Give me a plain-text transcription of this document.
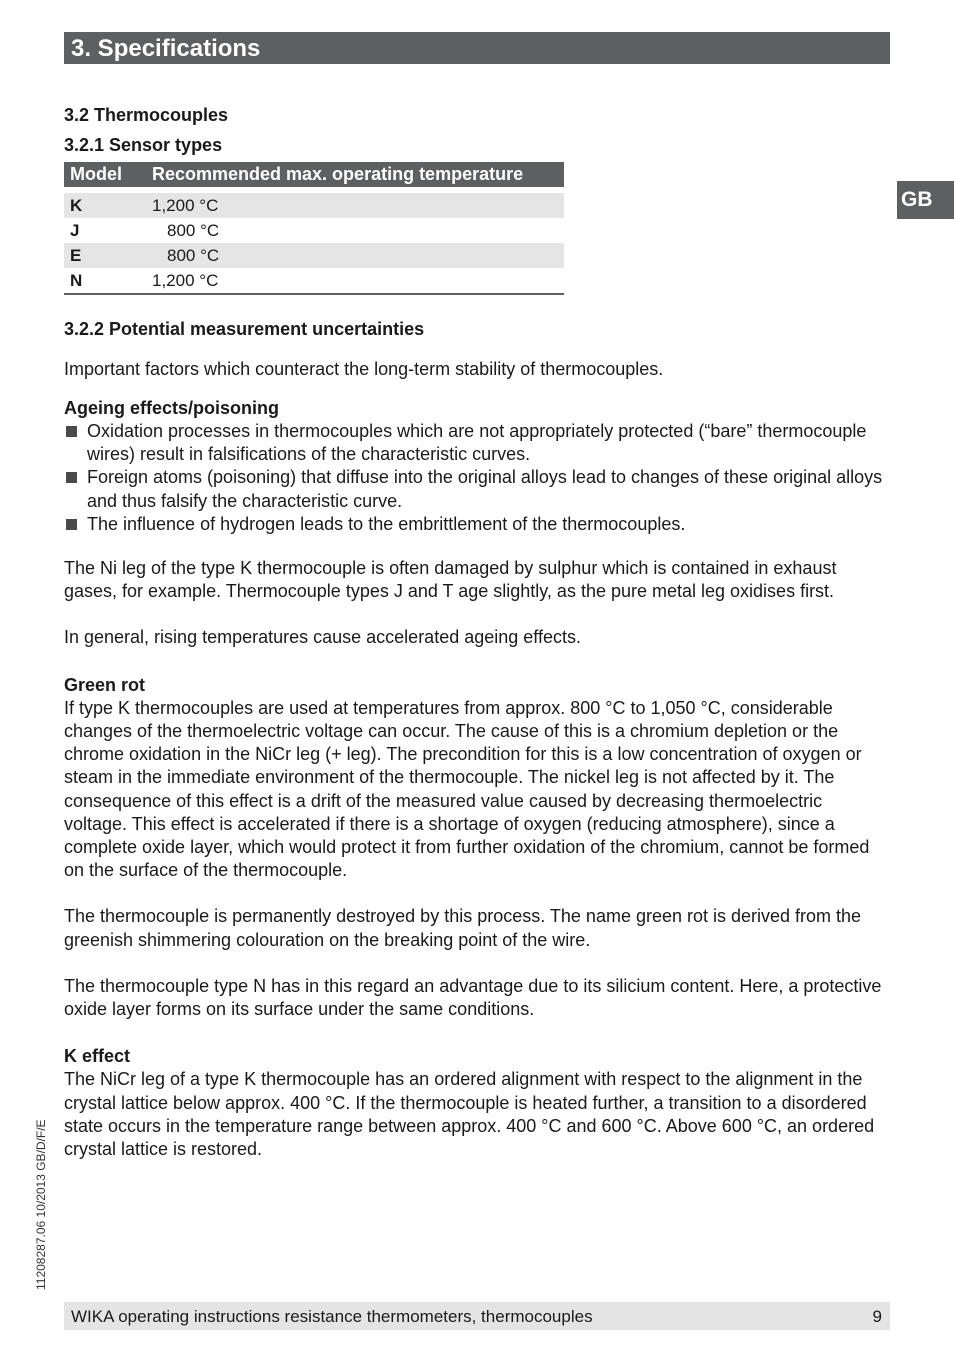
3. Specifications
GB
3.2 Thermocouples
3.2.1 Sensor types
Model	Recommended max. operating temperature

K	1,200 °C
J	800 °C
E	800 °C
N	1,200 °C
3.2.2 Potential measurement uncertainties

Important factors which counteract the long-term stability of thermocouples.

Ageing effects/poisoning
Oxidation processes in thermocouples which are not appropriately protected (“bare” thermocouple wires) result in falsifications of the characteristic curves.
Foreign atoms (poisoning) that diffuse into the original alloys lead to changes of these original alloys and thus falsify the characteristic curve.
The influence of hydrogen leads to the embrittlement of the thermocouples.

The Ni leg of the type K thermocouple is often damaged by sulphur which is contained in exhaust gases, for example. Thermocouple types J and T age slightly, as the pure metal leg oxidises first.

In general, rising temperatures cause accelerated ageing effects.

Green rot

If type K thermocouples are used at temperatures from approx. 800 °C to 1,050 °C, considerable changes of the thermoelectric voltage can occur. The cause of this is a chromium depletion or the chrome oxidation in the NiCr leg (+ leg). The precondition for this is a low concentration of oxygen or steam in the immediate environment of the thermocouple. The nickel leg is not affected by it. The consequence of this effect is a drift of the measured value caused by decreasing thermoelectric voltage. This effect is accelerated if there is a shortage of oxygen (reducing atmosphere), since a complete oxide layer, which would protect it from further oxidation of the chromium, cannot be formed on the surface of the thermocouple.

The thermocouple is permanently destroyed by this process. The name green rot is derived from the greenish shimmering colouration on the breaking point of the wire.

The thermocouple type N has in this regard an advantage due to its silicium content. Here, a protective oxide layer forms on its surface under the same conditions.

K effect

The NiCr leg of a type K thermocouple has an ordered alignment with respect to the alignment in the crystal lattice below approx. 400 °C. If the thermocouple is heated further, a transition to a disordered state occurs in the temperature range between approx. 400 °C and 600 °C. Above 600 °C, an ordered crystal lattice is restored.

11208287.06 10/2013 GB/D/F/E
WIKA operating instructions resistance thermometers, thermocouples	9
